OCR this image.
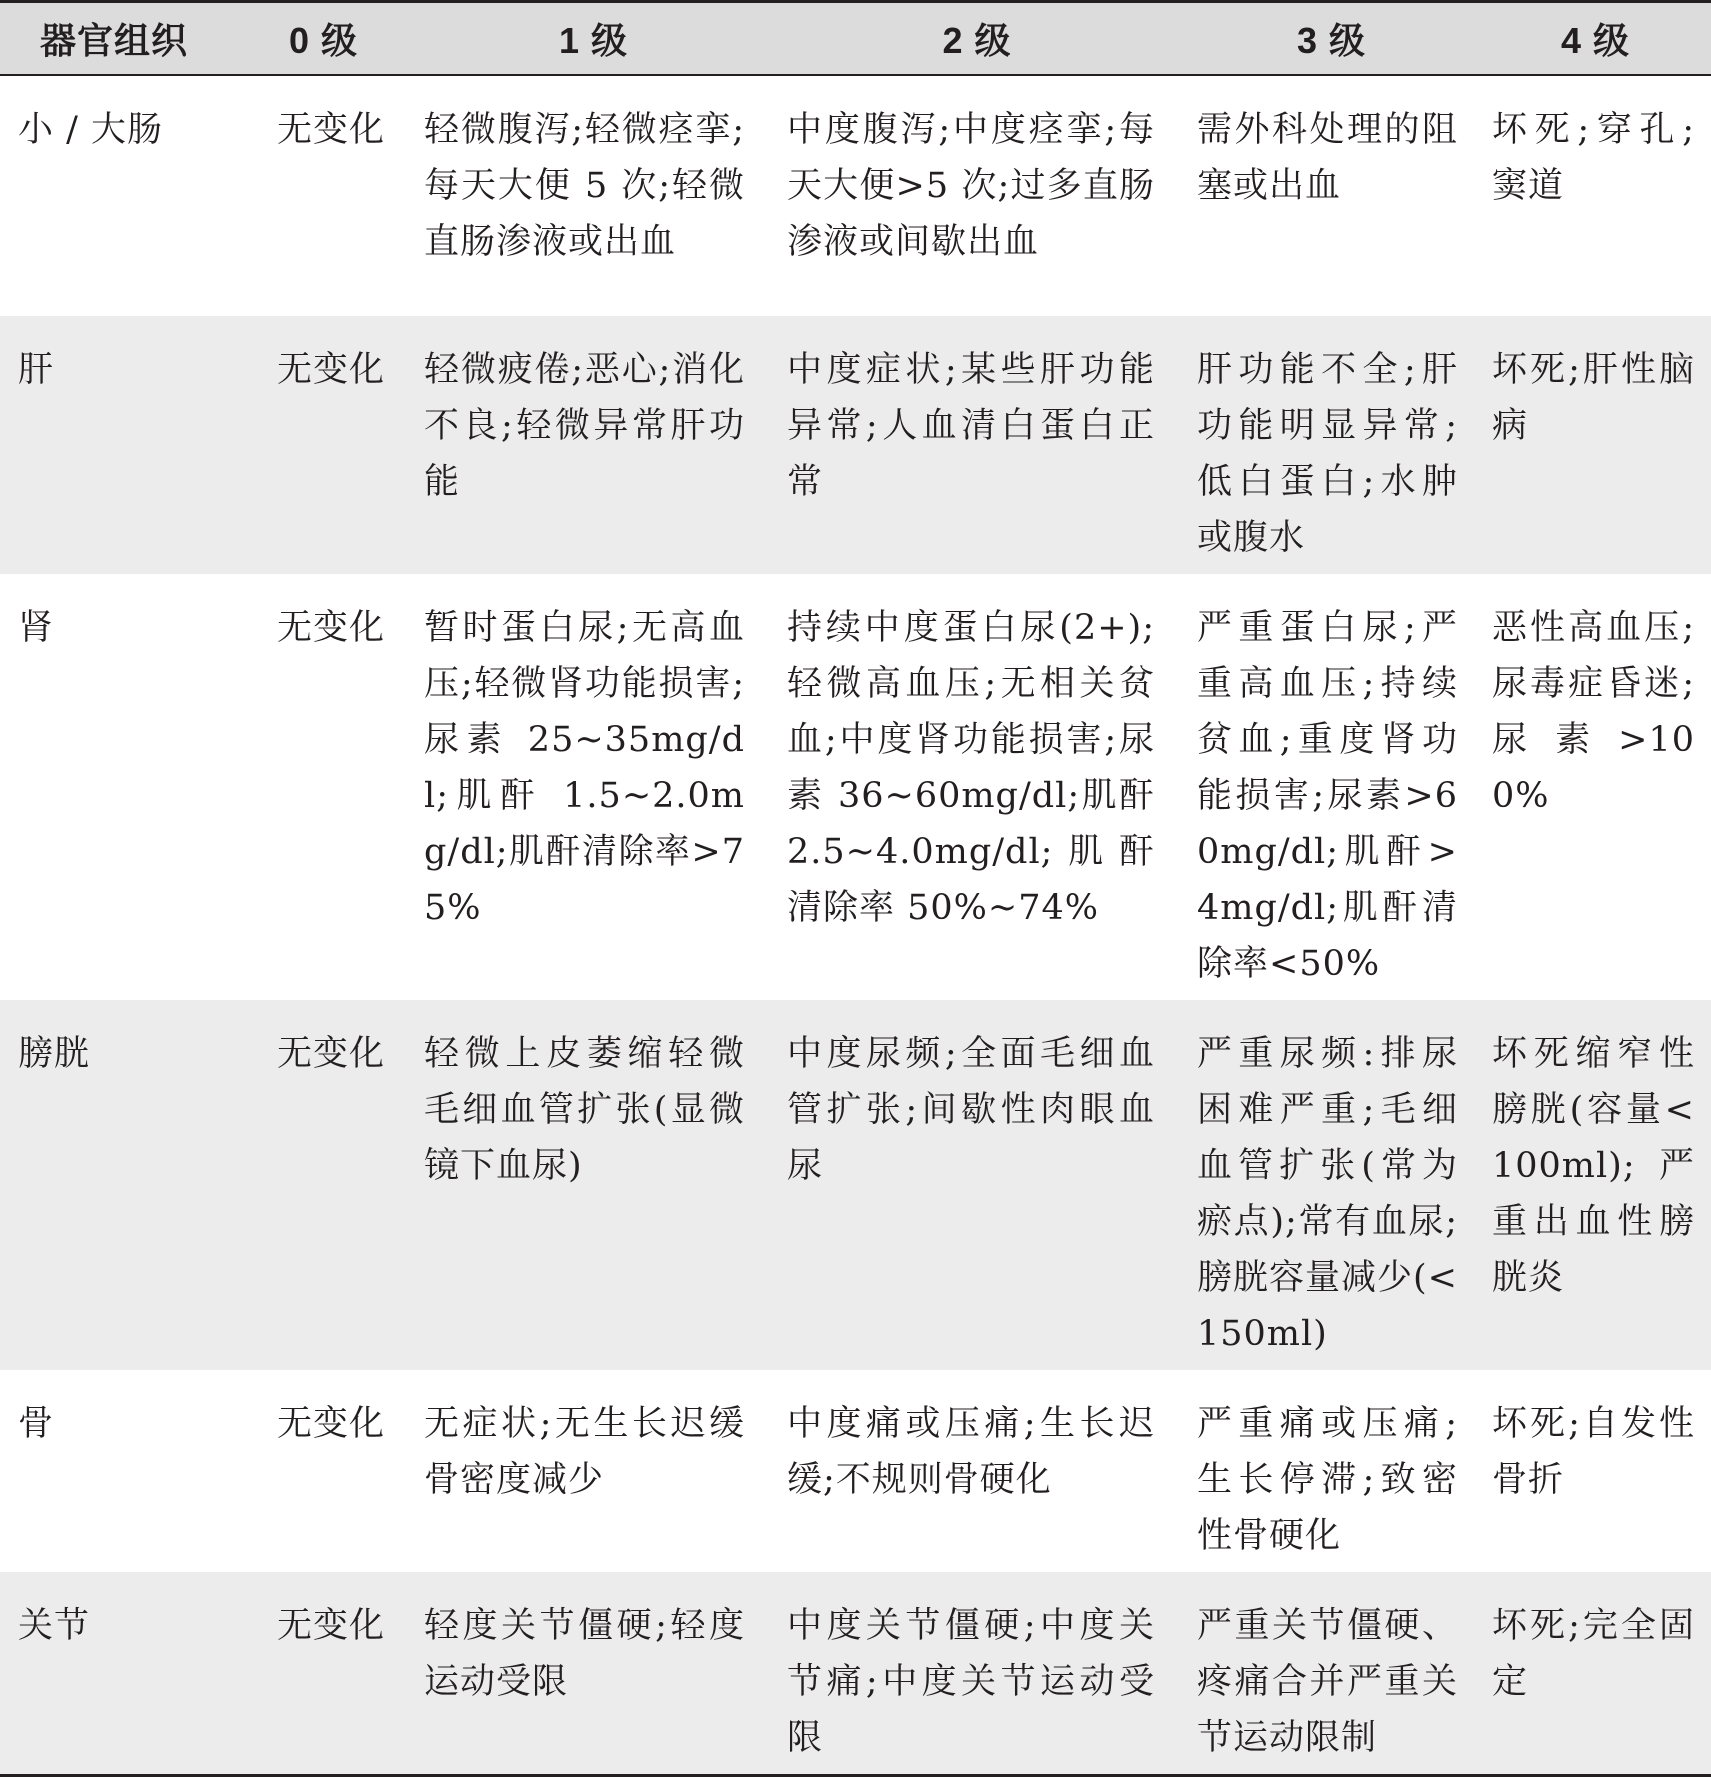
器官组织	0 级	1 级	2 级	3 级	4 级
小 / 大肠	无变化	轻微腹泻;轻微痉挛;每天大便 5 次;轻微直肠渗液或出血	中度腹泻;中度痉挛;每天大便>5 次;过多直肠渗液或间歇出血	需外科处理的阻塞或出血	坏死;穿孔;窦道
肝	无变化	轻微疲倦;恶心;消化不良;轻微异常肝功能	中度症状;某些肝功能异常;人血清白蛋白正常	肝功能不全;肝功能明显异常;低白蛋白;水肿或腹水	坏死;肝性脑病
肾	无变化	暂时蛋白尿;无高血压;轻微肾功能损害;尿素 25~35mg/dl;肌酐 1.5~2.0mg/dl;肌酐清除率>75%	持续中度蛋白尿(2+);轻微高血压;无相关贫血;中度肾功能损害;尿素 36~60mg/dl;肌酐 2.5~4.0mg/dl;肌酐清除率 50%~74%	严重蛋白尿;严重高血压;持续贫血;重度肾功能损害;尿素>60mg/dl;肌酐>4mg/dl;肌酐清除率<50%	恶性高血压;尿毒症昏迷;尿素>100%
膀胱	无变化	轻微上皮萎缩轻微毛细血管扩张(显微镜下血尿)	中度尿频;全面毛细血管扩张;间歇性肉眼血尿	严重尿频:排尿困难严重;毛细血管扩张(常为瘀点);常有血尿;膀胱容量减少(<150ml)	坏死缩窄性膀胱(容量<100ml);严重出血性膀胱炎
骨	无变化	无症状;无生长迟缓骨密度减少	中度痛或压痛;生长迟缓;不规则骨硬化	严重痛或压痛;生长停滞;致密性骨硬化	坏死;自发性骨折
关节	无变化	轻度关节僵硬;轻度运动受限	中度关节僵硬;中度关节痛;中度关节运动受限	严重关节僵硬、疼痛合并严重关节运动限制	坏死;完全固定
